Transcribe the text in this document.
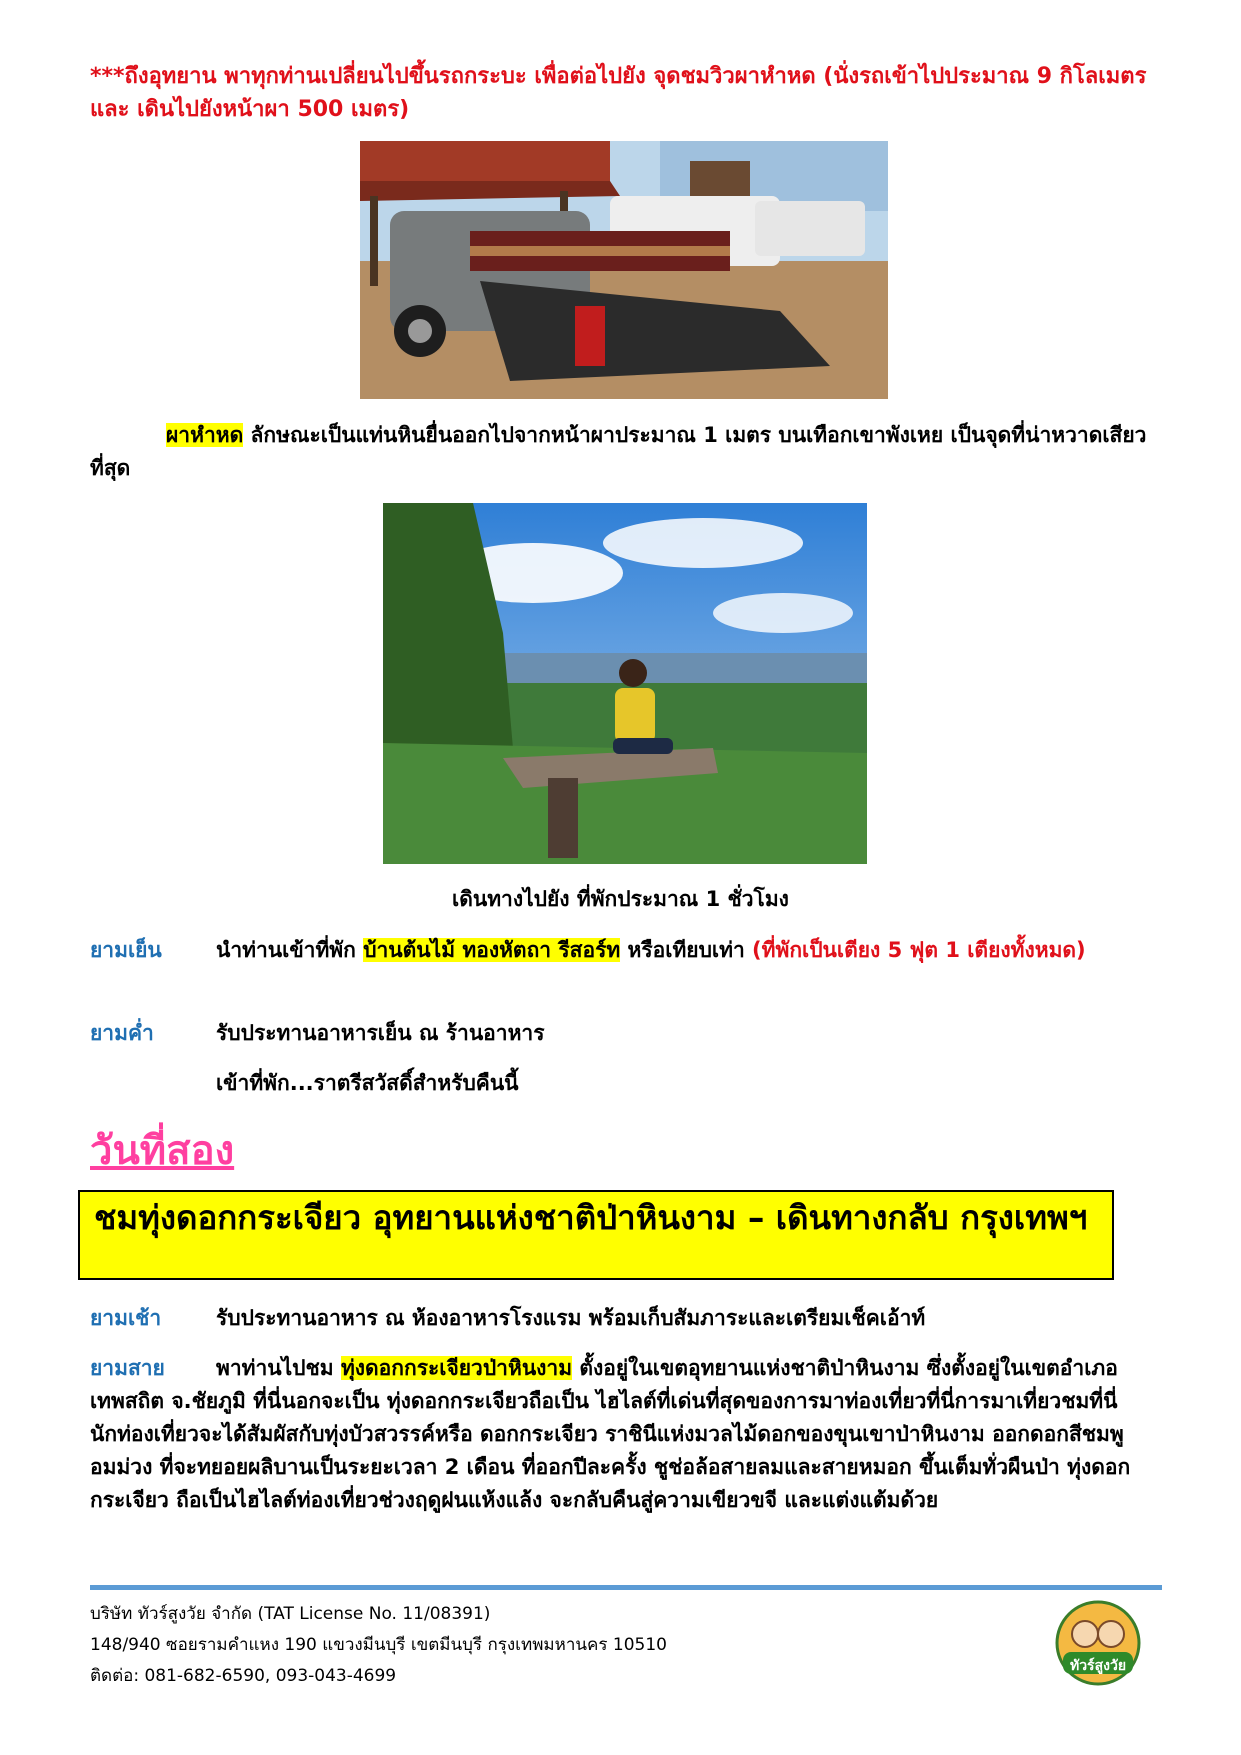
***ถึงอุทยาน พาทุกท่านเปลี่ยนไปขึ้นรถกระบะ เพื่อต่อไปยัง จุดชมวิวผาหำหด (นั่งรถเข้าไปประมาณ 9 กิโลเมตร และ เดินไปยังหน้าผา 500 เมตร)
ผาหำหด ลักษณะเป็นแท่นหินยื่นออกไปจากหน้าผาประมาณ 1 เมตร บนเทือกเขาพังเหย เป็นจุดที่น่าหวาดเสียวที่สุด
เดินทางไปยัง ที่พักประมาณ 1 ชั่วโมง
ยามเย็น	นำท่านเข้าที่พัก บ้านต้นไม้ ทองหัตถา รีสอร์ท หรือเทียบเท่า (ที่พักเป็นเตียง 5 ฟุต 1 เตียงทั้งหมด)
ยามค่ำ	รับประทานอาหารเย็น ณ ร้านอาหาร
เข้าที่พัก...ราตรีสวัสดิ์สำหรับคืนนี้
วันที่สอง
ชมทุ่งดอกกระเจียว อุทยานแห่งชาติป่าหินงาม – เดินทางกลับ กรุงเทพฯ
ยามเช้า	รับประทานอาหาร ณ ห้องอาหารโรงแรม พร้อมเก็บสัมภาระและเตรียมเช็คเอ้าท์
ยามสาย พาท่านไปชม ทุ่งดอกกระเจียวป่าหินงาม ตั้งอยู่ในเขตอุทยานแห่งชาติป่าหินงาม ซึ่งตั้งอยู่ในเขตอำเภอ เทพสถิต จ.ชัยภูมิ ที่นี่นอกจะเป็น ทุ่งดอกกระเจียวถือเป็น ไฮไลต์ที่เด่นที่สุดของการมาท่องเที่ยวที่นี่การมาเที่ยวชมที่นี่ นักท่องเที่ยวจะได้สัมผัสกับทุ่งบัวสวรรค์หรือ ดอกกระเจียว ราชินีแห่งมวลไม้ดอกของขุนเขาป่าหินงาม ออกดอกสีชมพูอมม่วง ที่จะทยอยผลิบานเป็นระยะเวลา 2 เดือน ที่ออกปีละครั้ง ชูช่อล้อสายลมและสายหมอก ขึ้นเต็มทั่วผืนป่า ทุ่งดอกกระเจียว ถือเป็นไฮไลต์ท่องเที่ยวช่วงฤดูฝนแห้งแล้ง จะกลับคืนสู่ความเขียวขจี และแต่งแต้มด้วย
บริษัท ทัวร์สูงวัย จำกัด (TAT License No. 11/08391)
148/940 ซอยรามคำแหง 190 แขวงมีนบุรี เขตมีนบุรี กรุงเทพมหานคร 10510
ติดต่อ: 081-682-6590, 093-043-4699	ทัวร์สูงวัย
